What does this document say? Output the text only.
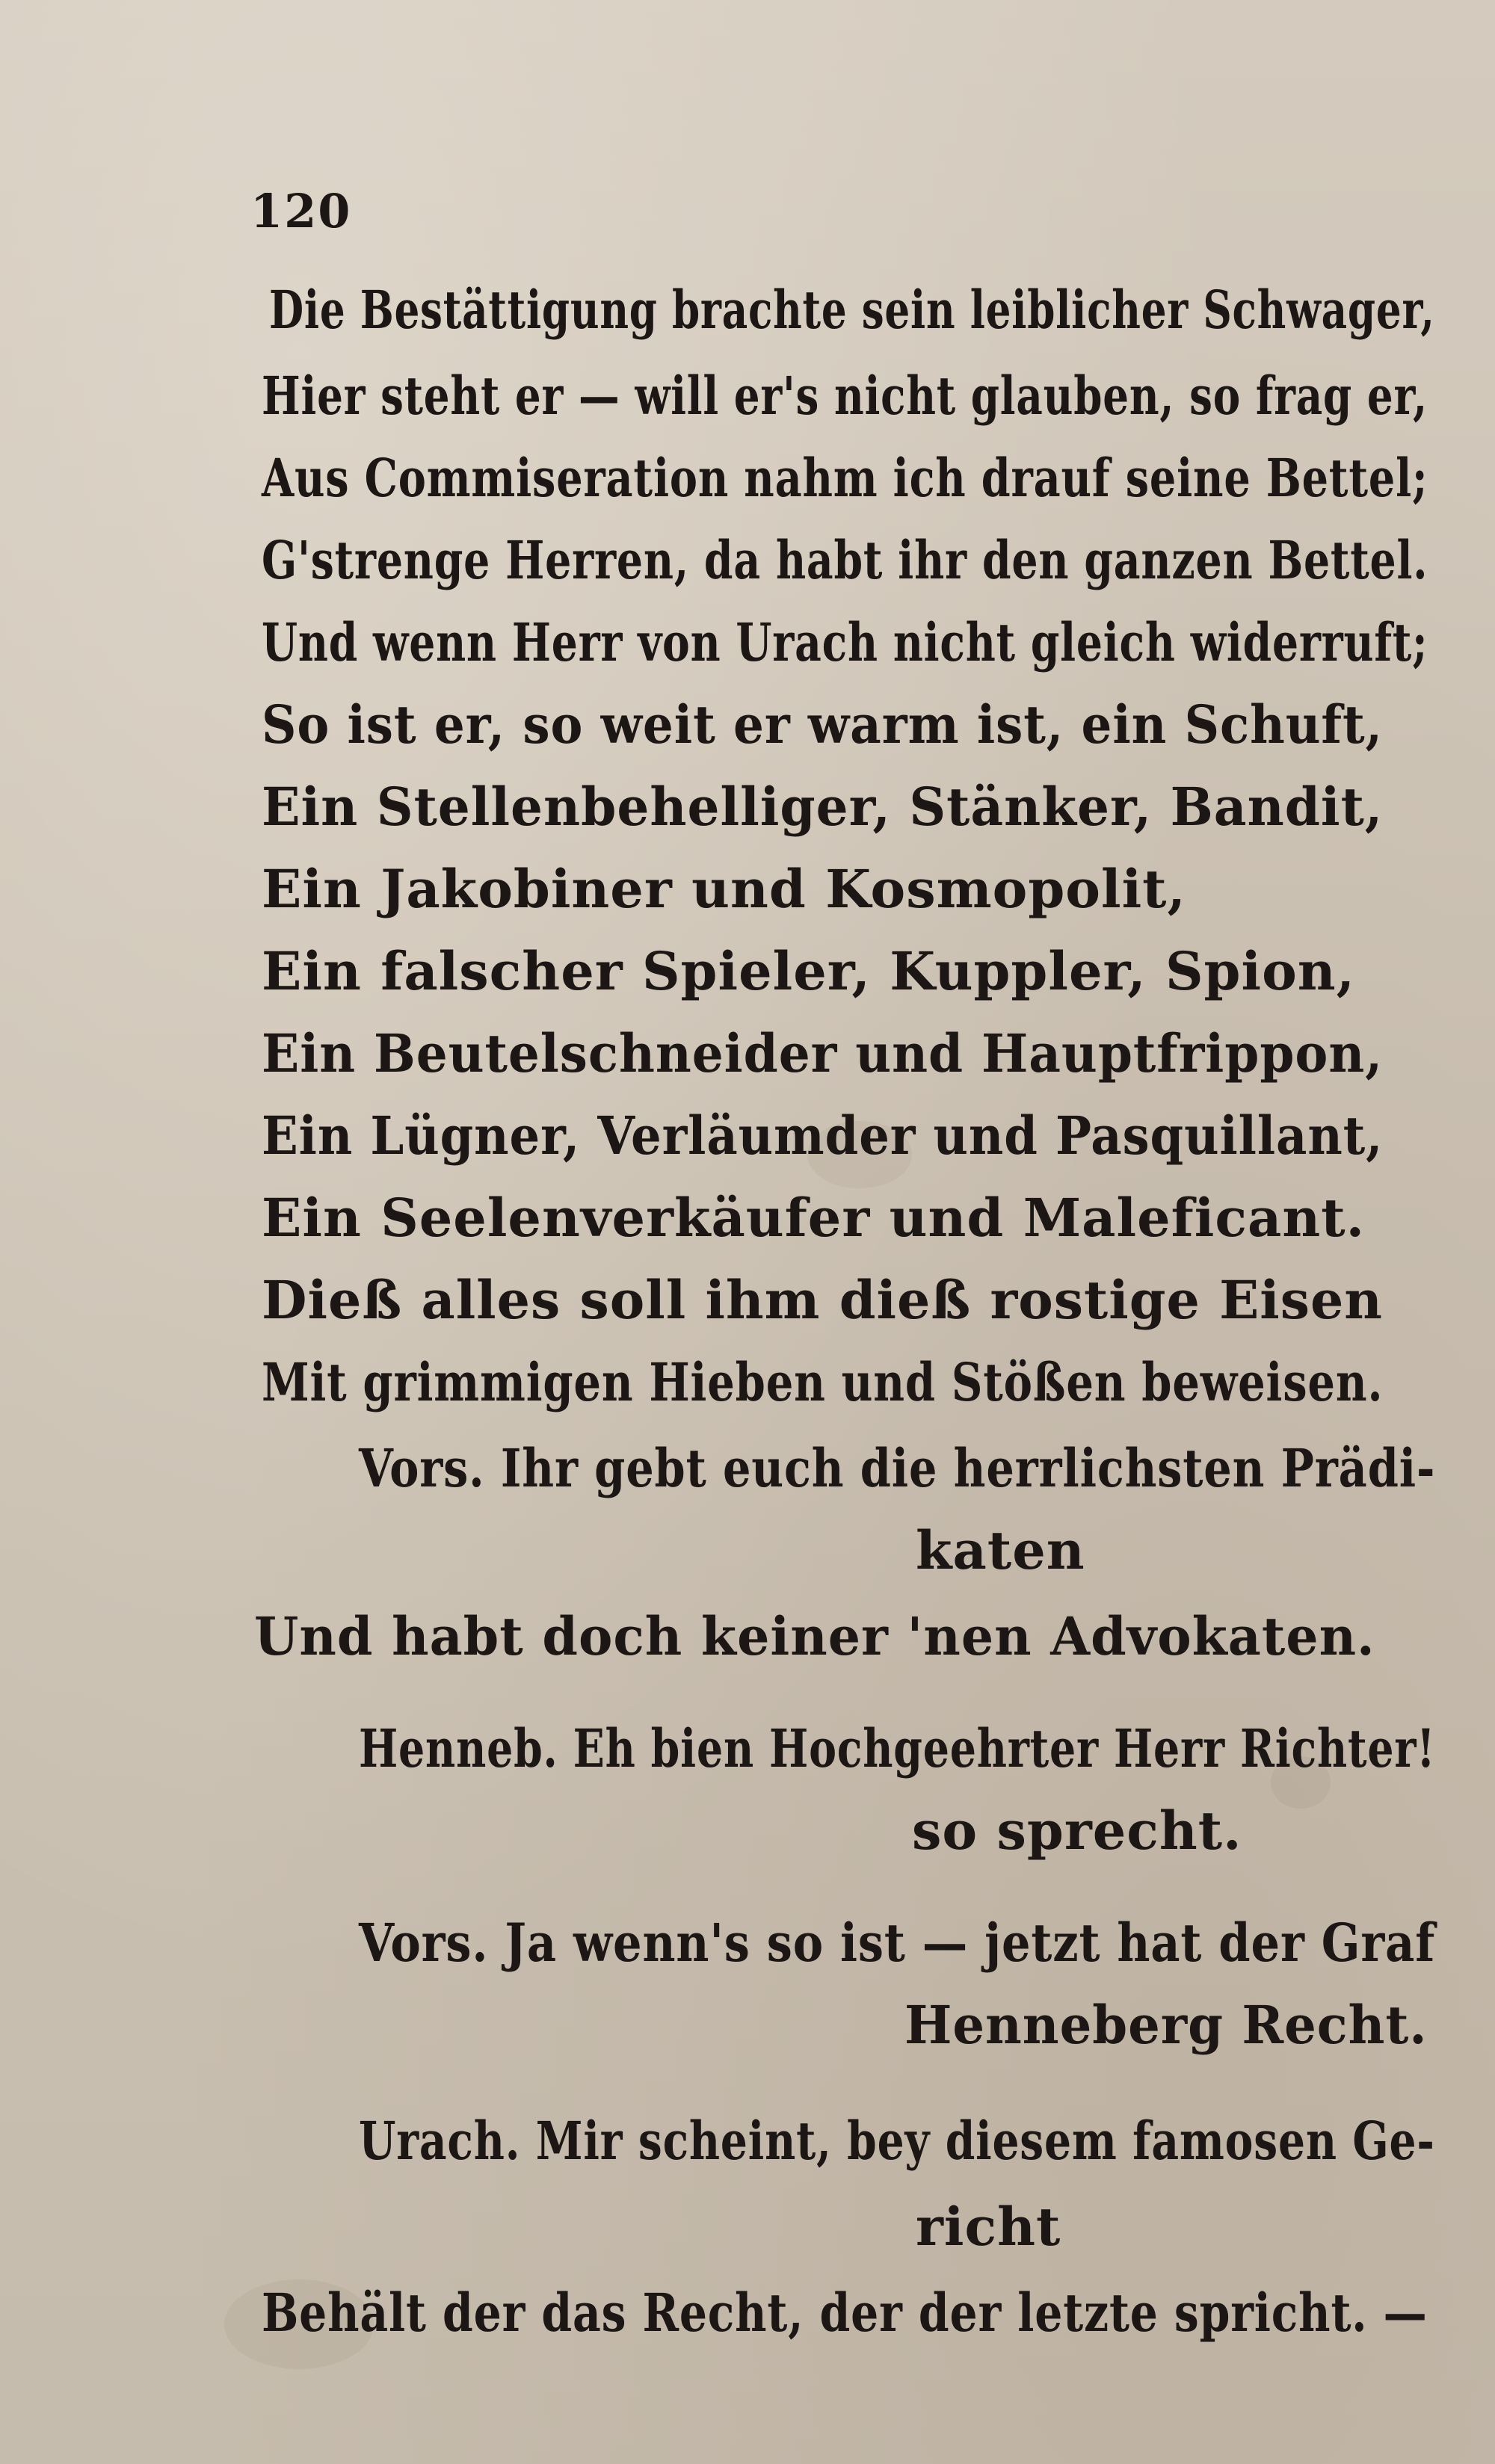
120
Die Bestättigung brachte sein leiblicher Schwager,
Hier steht er — will er's nicht glauben, so frag er,
Aus Commiseration nahm ich drauf seine Bettel;
G'strenge Herren, da habt ihr den ganzen Bettel.
Und wenn Herr von Urach nicht gleich widerruft;
So ist er, so weit er warm ist, ein Schuft,
Ein Stellenbehelliger, Stänker, Bandit,
Ein Jakobiner und Kosmopolit,
Ein falscher Spieler, Kuppler, Spion,
Ein Beutelschneider und Hauptfrippon,
Ein Lügner, Verläumder und Pasquillant,
Ein Seelenverkäufer und Maleficant.
Dieß alles soll ihm dieß rostige Eisen
Mit grimmigen Hieben und Stößen beweisen.
Vors. Ihr gebt euch die herrlichsten Prädi-
katen
Und habt doch keiner 'nen Advokaten.
Henneb. Eh bien Hochgeehrter Herr Richter!
so sprecht.
Vors. Ja wenn's so ist — jetzt hat der Graf
Henneberg Recht.
Urach. Mir scheint, bey diesem famosen Ge-
richt
Behält der das Recht, der der letzte spricht. —
